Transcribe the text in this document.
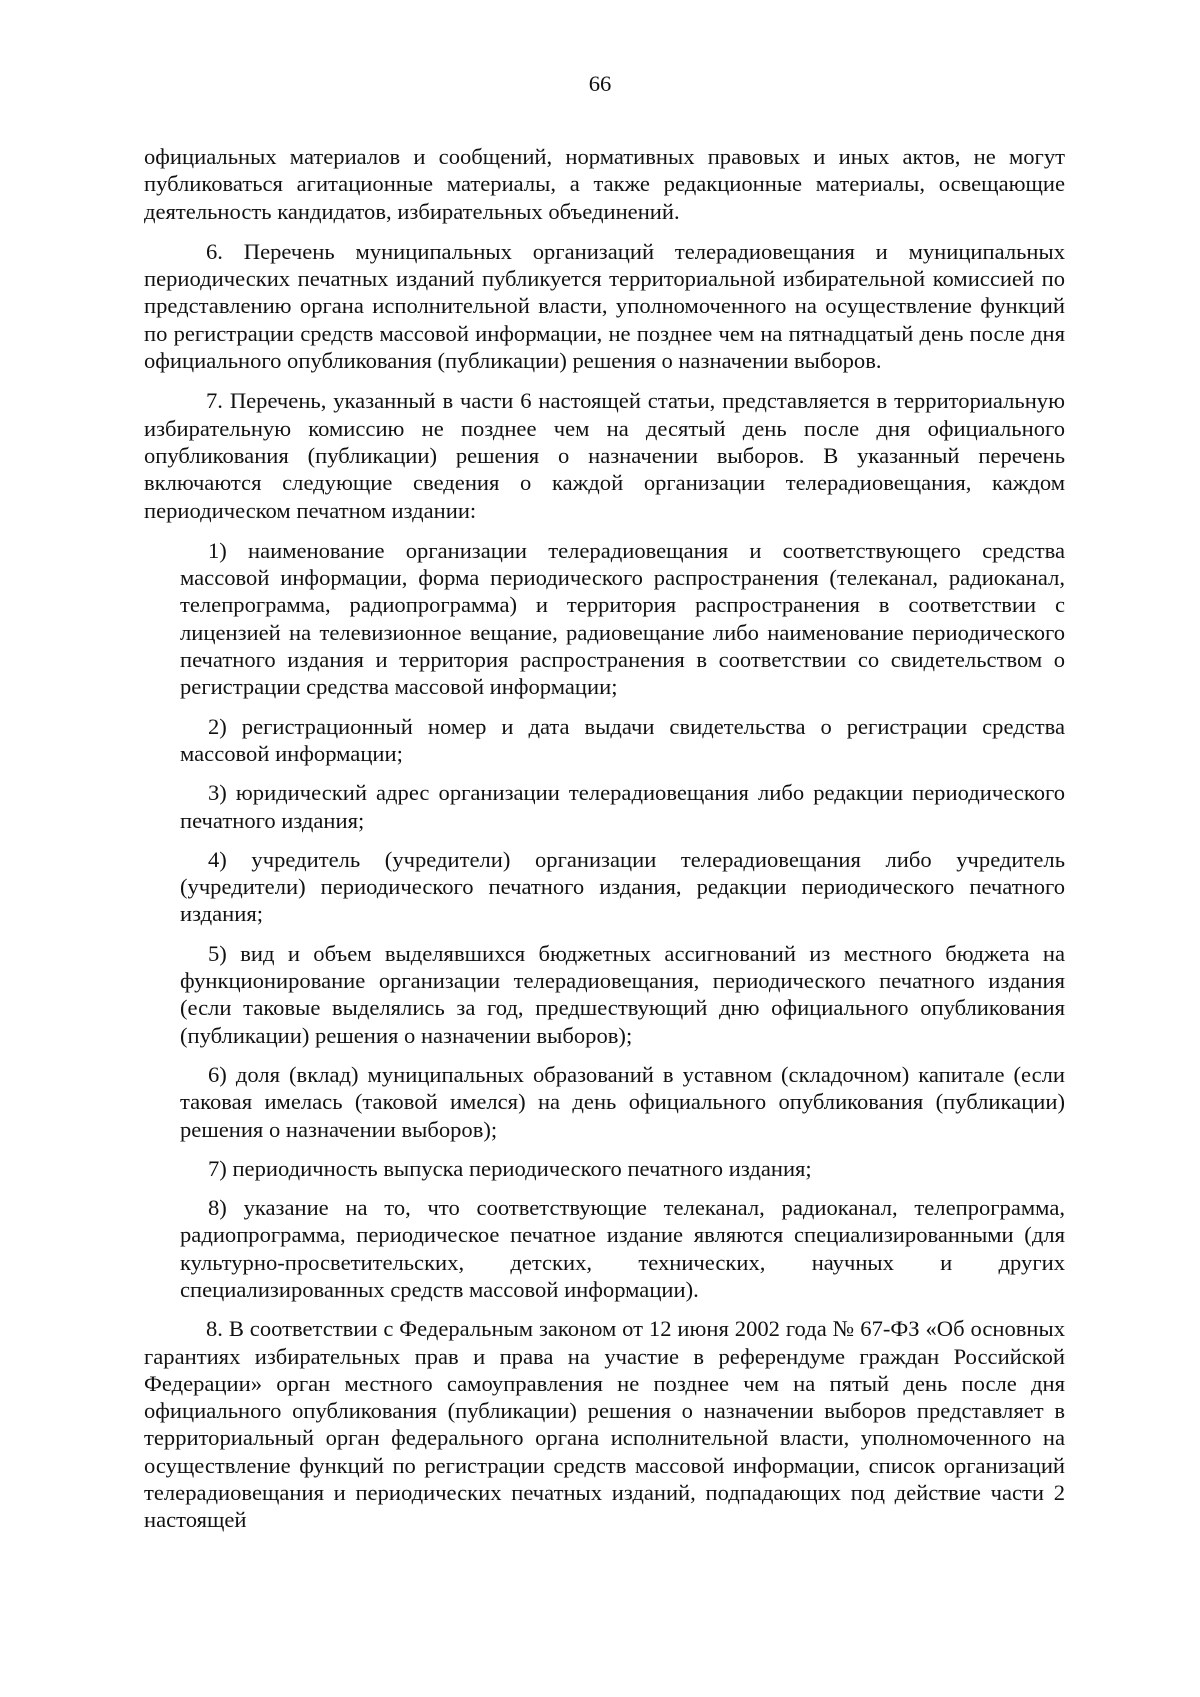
66

официальных материалов и сообщений, нормативных правовых и иных актов, не могут публиковаться агитационные материалы, а также редакционные материалы, освещающие деятельность кандидатов, избирательных объединений.

6. Перечень муниципальных организаций телерадиовещания и муниципальных периодических печатных изданий публикуется территориальной избирательной комиссией по представлению органа исполнительной власти, уполномоченного на осуществление функций по регистрации средств массовой информации, не позднее чем на пятнадцатый день после дня официального опубликования (публикации) решения о назначении выборов.

7. Перечень, указанный в части 6 настоящей статьи, представляется в территориальную избирательную комиссию не позднее чем на десятый день после дня официального опубликования (публикации) решения о назначении выборов. В указанный перечень включаются следующие сведения о каждой организации телерадиовещания, каждом периодическом печатном издании:

1) наименование организации телерадиовещания и соответствующего средства массовой информации, форма периодического распространения (телеканал, радиоканал, телепрограмма, радиопрограмма) и территория распространения в соответствии с лицензией на телевизионное вещание, радиовещание либо наименование периодического печатного издания и территория распространения в соответствии со свидетельством о регистрации средства массовой информации;

2) регистрационный номер и дата выдачи свидетельства о регистрации средства массовой информации;

3) юридический адрес организации телерадиовещания либо редакции периодического печатного издания;

4) учредитель (учредители) организации телерадиовещания либо учредитель (учредители) периодического печатного издания, редакции периодического печатного издания;

5) вид и объем выделявшихся бюджетных ассигнований из местного бюджета на функционирование организации телерадиовещания, периодического печатного издания (если таковые выделялись за год, предшествующий дню официального опубликования (публикации) решения о назначении выборов);

6) доля (вклад) муниципальных образований в уставном (складочном) капитале (если таковая имелась (таковой имелся) на день официального опубликования (публикации) решения о назначении выборов);

7) периодичность выпуска периодического печатного издания;

8) указание на то, что соответствующие телеканал, радиоканал, телепрограмма, радиопрограмма, периодическое печатное издание являются специализированными (для культурно-просветительских, детских, технических, научных и других специализированных средств массовой информации).

8. В соответствии с Федеральным законом от 12 июня 2002 года № 67-ФЗ «Об основных гарантиях избирательных прав и права на участие в референдуме граждан Российской Федерации» орган местного самоуправления не позднее чем на пятый день после дня официального опубликования (публикации) решения о назначении выборов представляет в территориальный орган федерального органа исполнительной власти, уполномоченного на осуществление функций по регистрации средств массовой информации, список организаций телерадиовещания и периодических печатных изданий, подпадающих под действие части 2 настоящей
